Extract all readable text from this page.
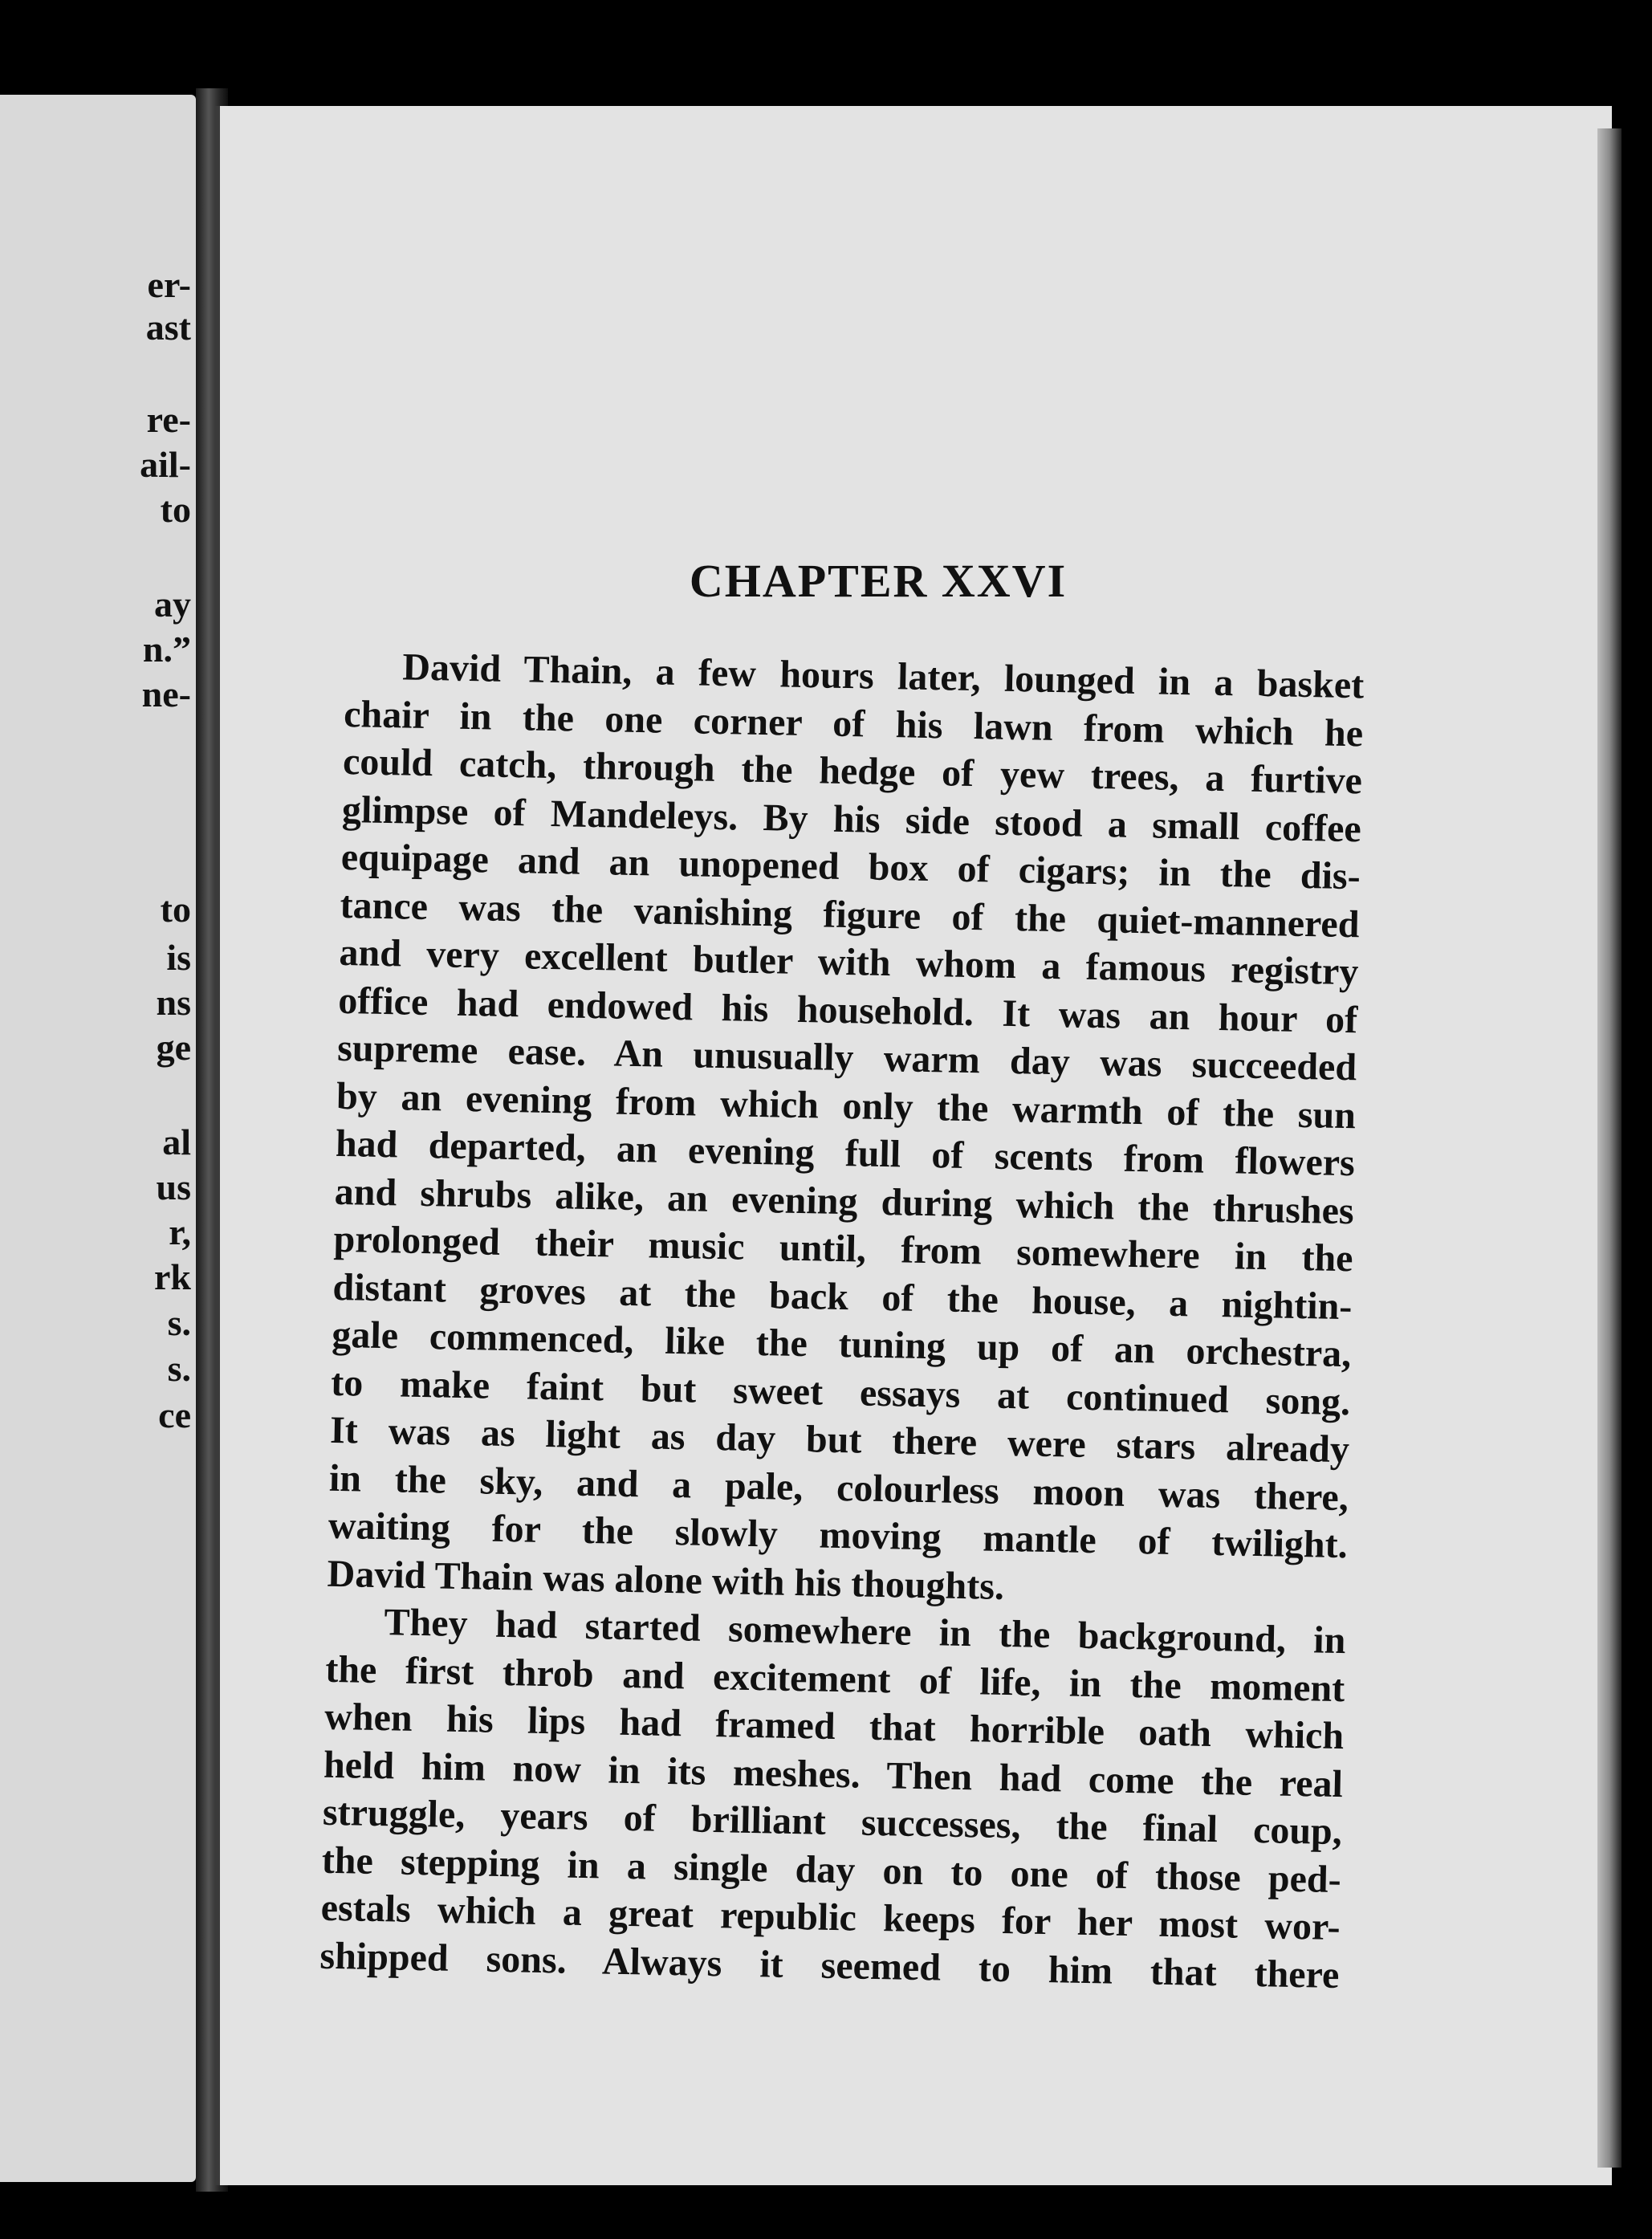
er-
ast
re-
ail-
to
ay
n.”
ne-
to
is
ns
ge
al
us
r,
rk
s.
s.
ce
CHAPTER XXVI
David Thain, a few hours later, lounged in a basket
chair in the one corner of his lawn from which he
could catch, through the hedge of yew trees, a furtive
glimpse of Mandeleys. By his side stood a small coffee
equipage and an unopened box of cigars; in the dis-
tance was the vanishing figure of the quiet-mannered
and very excellent butler with whom a famous registry
office had endowed his household. It was an hour of
supreme ease. An unusually warm day was succeeded
by an evening from which only the warmth of the sun
had departed, an evening full of scents from flowers
and shrubs alike, an evening during which the thrushes
prolonged their music until, from somewhere in the
distant groves at the back of the house, a nightin-
gale commenced, like the tuning up of an orchestra,
to make faint but sweet essays at continued song.
It was as light as day but there were stars already
in the sky, and a pale, colourless moon was there,
waiting for the slowly moving mantle of twilight.
David Thain was alone with his thoughts.
They had started somewhere in the background, in
the first throb and excitement of life, in the moment
when his lips had framed that horrible oath which
held him now in its meshes. Then had come the real
struggle, years of brilliant successes, the final coup,
the stepping in a single day on to one of those ped-
estals which a great republic keeps for her most wor-
shipped sons. Always it seemed to him that there
